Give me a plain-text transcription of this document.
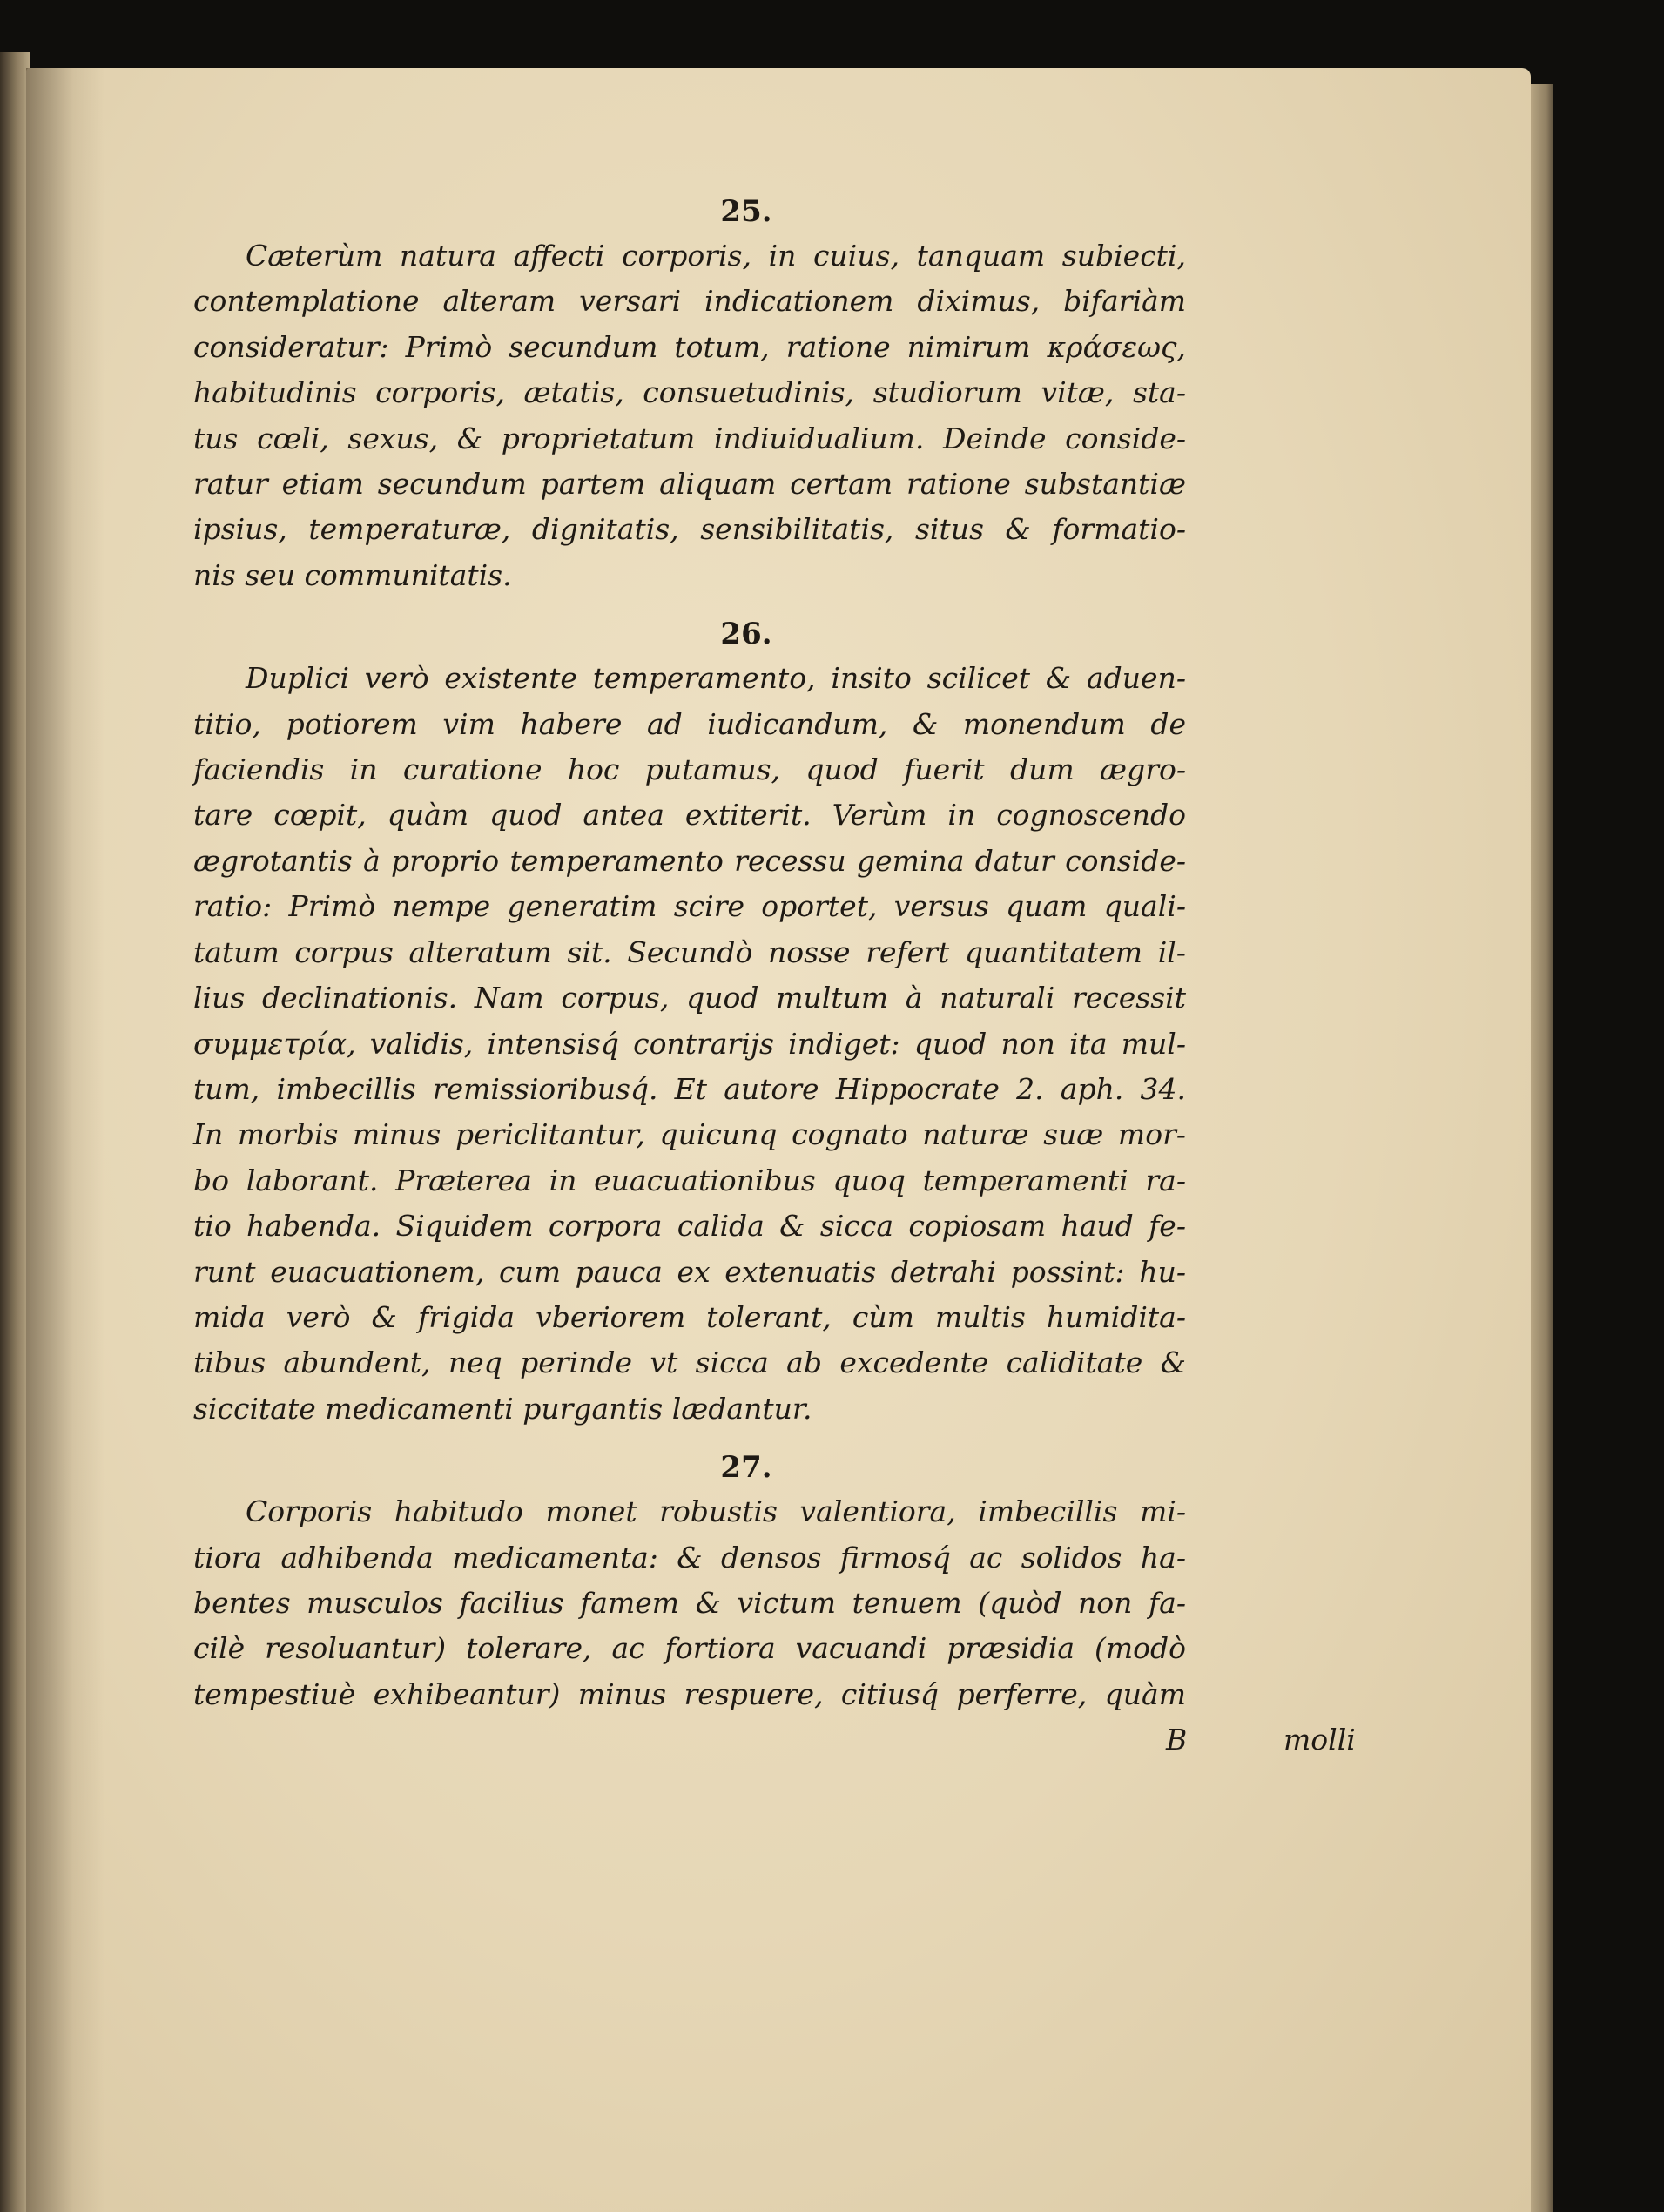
25.
Cæterùm natura affecti corporis, in cuius, tanquam subiecti,
contemplatione alteram versari indicationem diximus, bifariàm
consideratur: Primò secundum totum, ratione nimirum κράσεως,
habitudinis corporis, ætatis, consuetudinis, studiorum vitæ, sta-
tus cœli, sexus, & proprietatum indiuidualium. Deinde conside-
ratur etiam secundum partem aliquam certam ratione substantiæ
ipsius, temperaturæ, dignitatis, sensibilitatis, situs & formatio-
nis seu communitatis.
26.
Duplici verò existente temperamento, insito scilicet & aduen-
titio, potiorem vim habere ad iudicandum, & monendum de
faciendis in curatione hoc putamus, quod fuerit dum ægro-
tare cœpit, quàm quod antea extiterit. Verùm in cognoscendo
ægrotantis à proprio temperamento recessu gemina datur conside-
ratio: Primò nempe generatim scire oportet, versus quam quali-
tatum corpus alteratum sit. Secundò nosse refert quantitatem il-
lius declinationis. Nam corpus, quod multum à naturali recessit
συμμετρία, validis, intensisq́ contrarijs indiget: quod non ita mul-
tum, imbecillis remissioribusq́. Et autore Hippocrate 2. aph. 34.
In morbis minus periclitantur, quicunq cognato naturæ suæ mor-
bo laborant. Præterea in euacuationibus quoq temperamenti ra-
tio habenda. Siquidem corpora calida & sicca copiosam haud fe-
runt euacuationem, cum pauca ex extenuatis detrahi possint: hu-
mida verò & frigida vberiorem tolerant, cùm multis humidita-
tibus abundent, neq perinde vt sicca ab excedente caliditate &
siccitate medicamenti purgantis lædantur.
27.
Corporis habitudo monet robustis valentiora, imbecillis mi-
tiora adhibenda medicamenta: & densos firmosq́ ac solidos ha-
bentes musculos facilius famem & victum tenuem (quòd non fa-
cilè resoluantur) tolerare, ac fortiora vacuandi præsidia (modò
tempestiuè exhibeantur) minus respuere, citiusq́ perferre, quàm
B	molli
